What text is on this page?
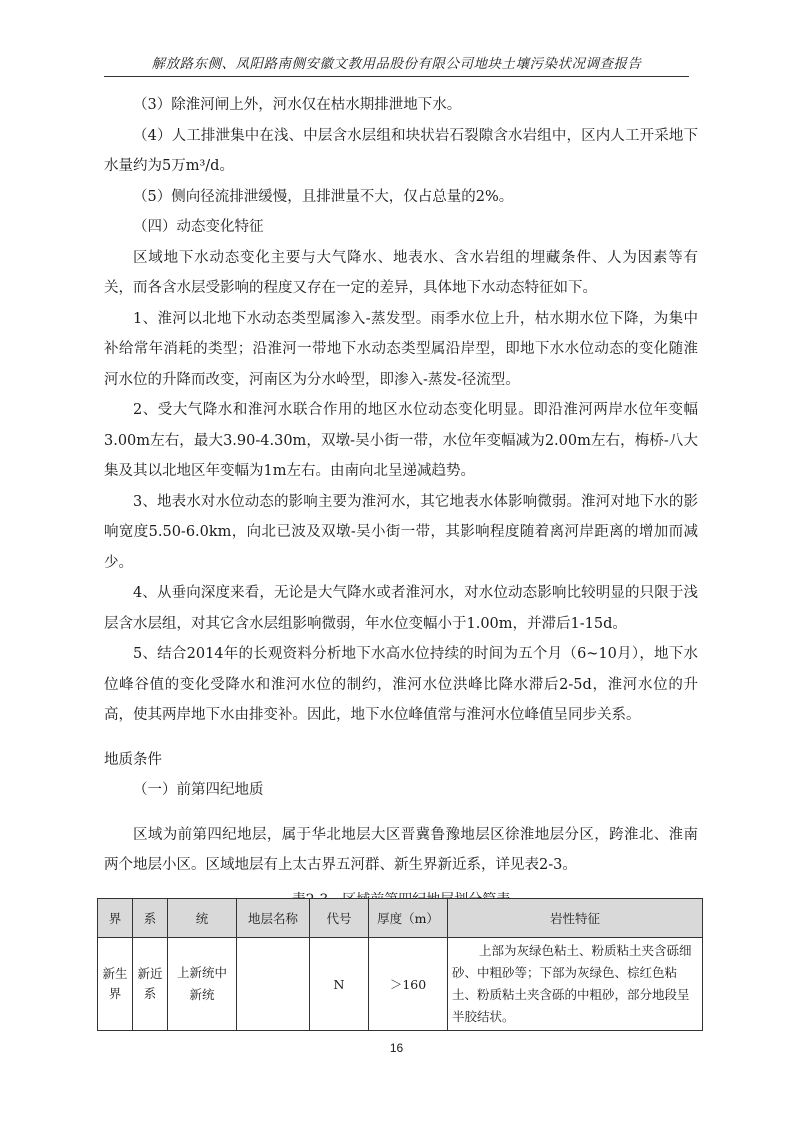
解放路东侧、凤阳路南侧安徽文教用品股份有限公司地块土壤污染状况调查报告

（3）除淮河闸上外，河水仅在枯水期排泄地下水。

（4）人工排泄集中在浅、中层含水层组和块状岩石裂隙含水岩组中，区内人工开采地下水量约为5万m³/d。

（5）侧向径流排泄缓慢，且排泄量不大，仅占总量的2%。

（四）动态变化特征

区域地下水动态变化主要与大气降水、地表水、含水岩组的埋藏条件、人为因素等有关，而各含水层受影响的程度又存在一定的差异，具体地下水动态特征如下。

1、淮河以北地下水动态类型属渗入-蒸发型。雨季水位上升，枯水期水位下降，为集中补给常年消耗的类型；沿淮河一带地下水动态类型属沿岸型，即地下水水位动态的变化随淮河水位的升降而改变，河南区为分水岭型，即渗入-蒸发-径流型。

2、受大气降水和淮河水联合作用的地区水位动态变化明显。即沿淮河两岸水位年变幅3.00m左右，最大3.90-4.30m，双墩-吴小街一带，水位年变幅减为2.00m左右，梅桥-八大集及其以北地区年变幅为1m左右。由南向北呈递减趋势。

3、地表水对水位动态的影响主要为淮河水，其它地表水体影响微弱。淮河对地下水的影响宽度5.50-6.0km，向北已波及双墩-吴小街一带，其影响程度随着离河岸距离的增加而减少。

4、从垂向深度来看，无论是大气降水或者淮河水，对水位动态影响比较明显的只限于浅层含水层组，对其它含水层组影响微弱，年水位变幅小于1.00m，并滞后1-15d。

5、结合2014年的长观资料分析地下水高水位持续的时间为五个月（6~10月），地下水位峰谷值的变化受降水和淮河水位的制约，淮河水位洪峰比降水滞后2-5d，淮河水位的升高，使其两岸地下水由排变补。因此，地下水位峰值常与淮河水位峰值呈同步关系。

地质条件

（一）前第四纪地质

区域为前第四纪地层，属于华北地层大区晋冀鲁豫地层区徐淮地层分区，跨淮北、淮南两个地层小区。区域地层有上太古界五河群、新生界新近系，详见表2-3。

界	系	统	地层名称	代号	厚度（m）	岩性特征
新生界	新近系	上新统中新统		N	＞160	上部为灰绿色粘土、粉质粘土夹含砾细砂、中粗砂等；下部为灰绿色、棕红色粘土、粉质粘土夹含砾的中粗砂，部分地段呈半胶结状。
16
